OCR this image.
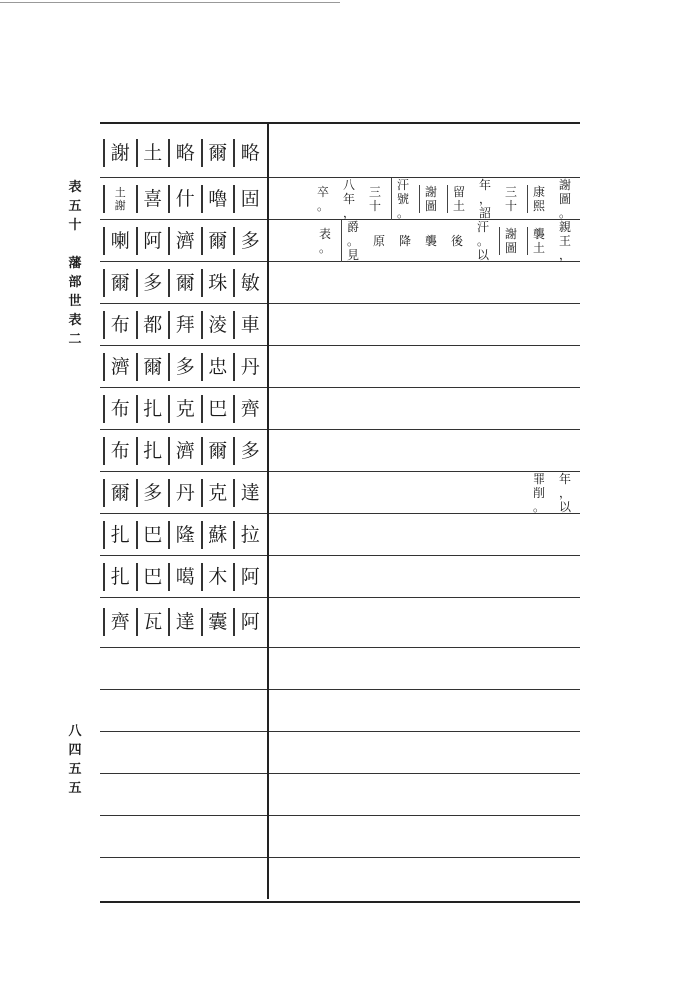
表
五
十
藩
部
世
表
二
八
四
五
五
謝 土 略 爾 略
土
謝 喜 什 嚕 固
喇 阿 濟 爾 多
爾 多 爾 珠 敏
布 都 拜 淩 車
濟 爾 多 忠 丹
布 扎 克 巴 齊
布 扎 濟 爾 多
爾 多 丹 克 達
扎 巴 隆 蘇 拉
扎 巴 噶 木 阿
齊 瓦 達 囊 阿
謝
圖
。
康
熙
三
十
年
，
詔
留
土
謝
圖
汗
號
。
三
十
八
年
，
卒
。
親
王
，
襲
土
謝
圖
汗
。
以
後
襲
降
原
爵
。
見
表
。
年
，
以
罪
削
。
